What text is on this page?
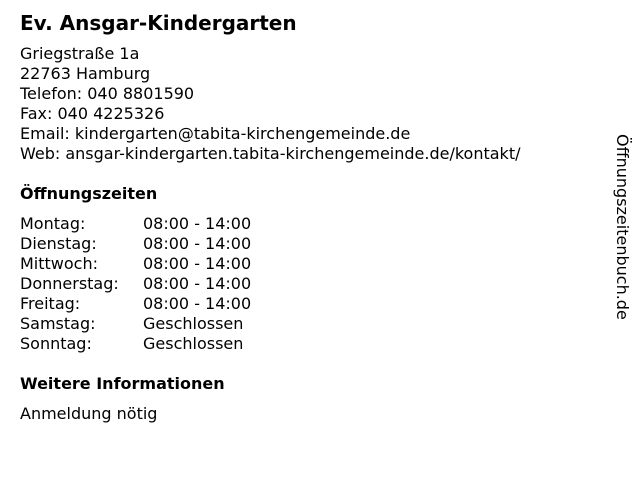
Ev. Ansgar-Kindergarten
Griegstraße 1a
22763 Hamburg
Telefon: 040 8801590
Fax: 040 4225326
Email: kindergarten@tabita-kirchengemeinde.de
Web: ansgar-kindergarten.tabita-kirchengemeinde.de/kontakt/
Öffnungszeiten
Montag:	08:00 - 14:00
Dienstag:	08:00 - 14:00
Mittwoch:	08:00 - 14:00
Donnerstag: 08:00 - 14:00
Freitag:	08:00 - 14:00
Samstag:	Geschlossen
Sonntag:	Geschlossen
Weitere Informationen
Anmeldung nötig
Öffnungszeitenbuch.de
